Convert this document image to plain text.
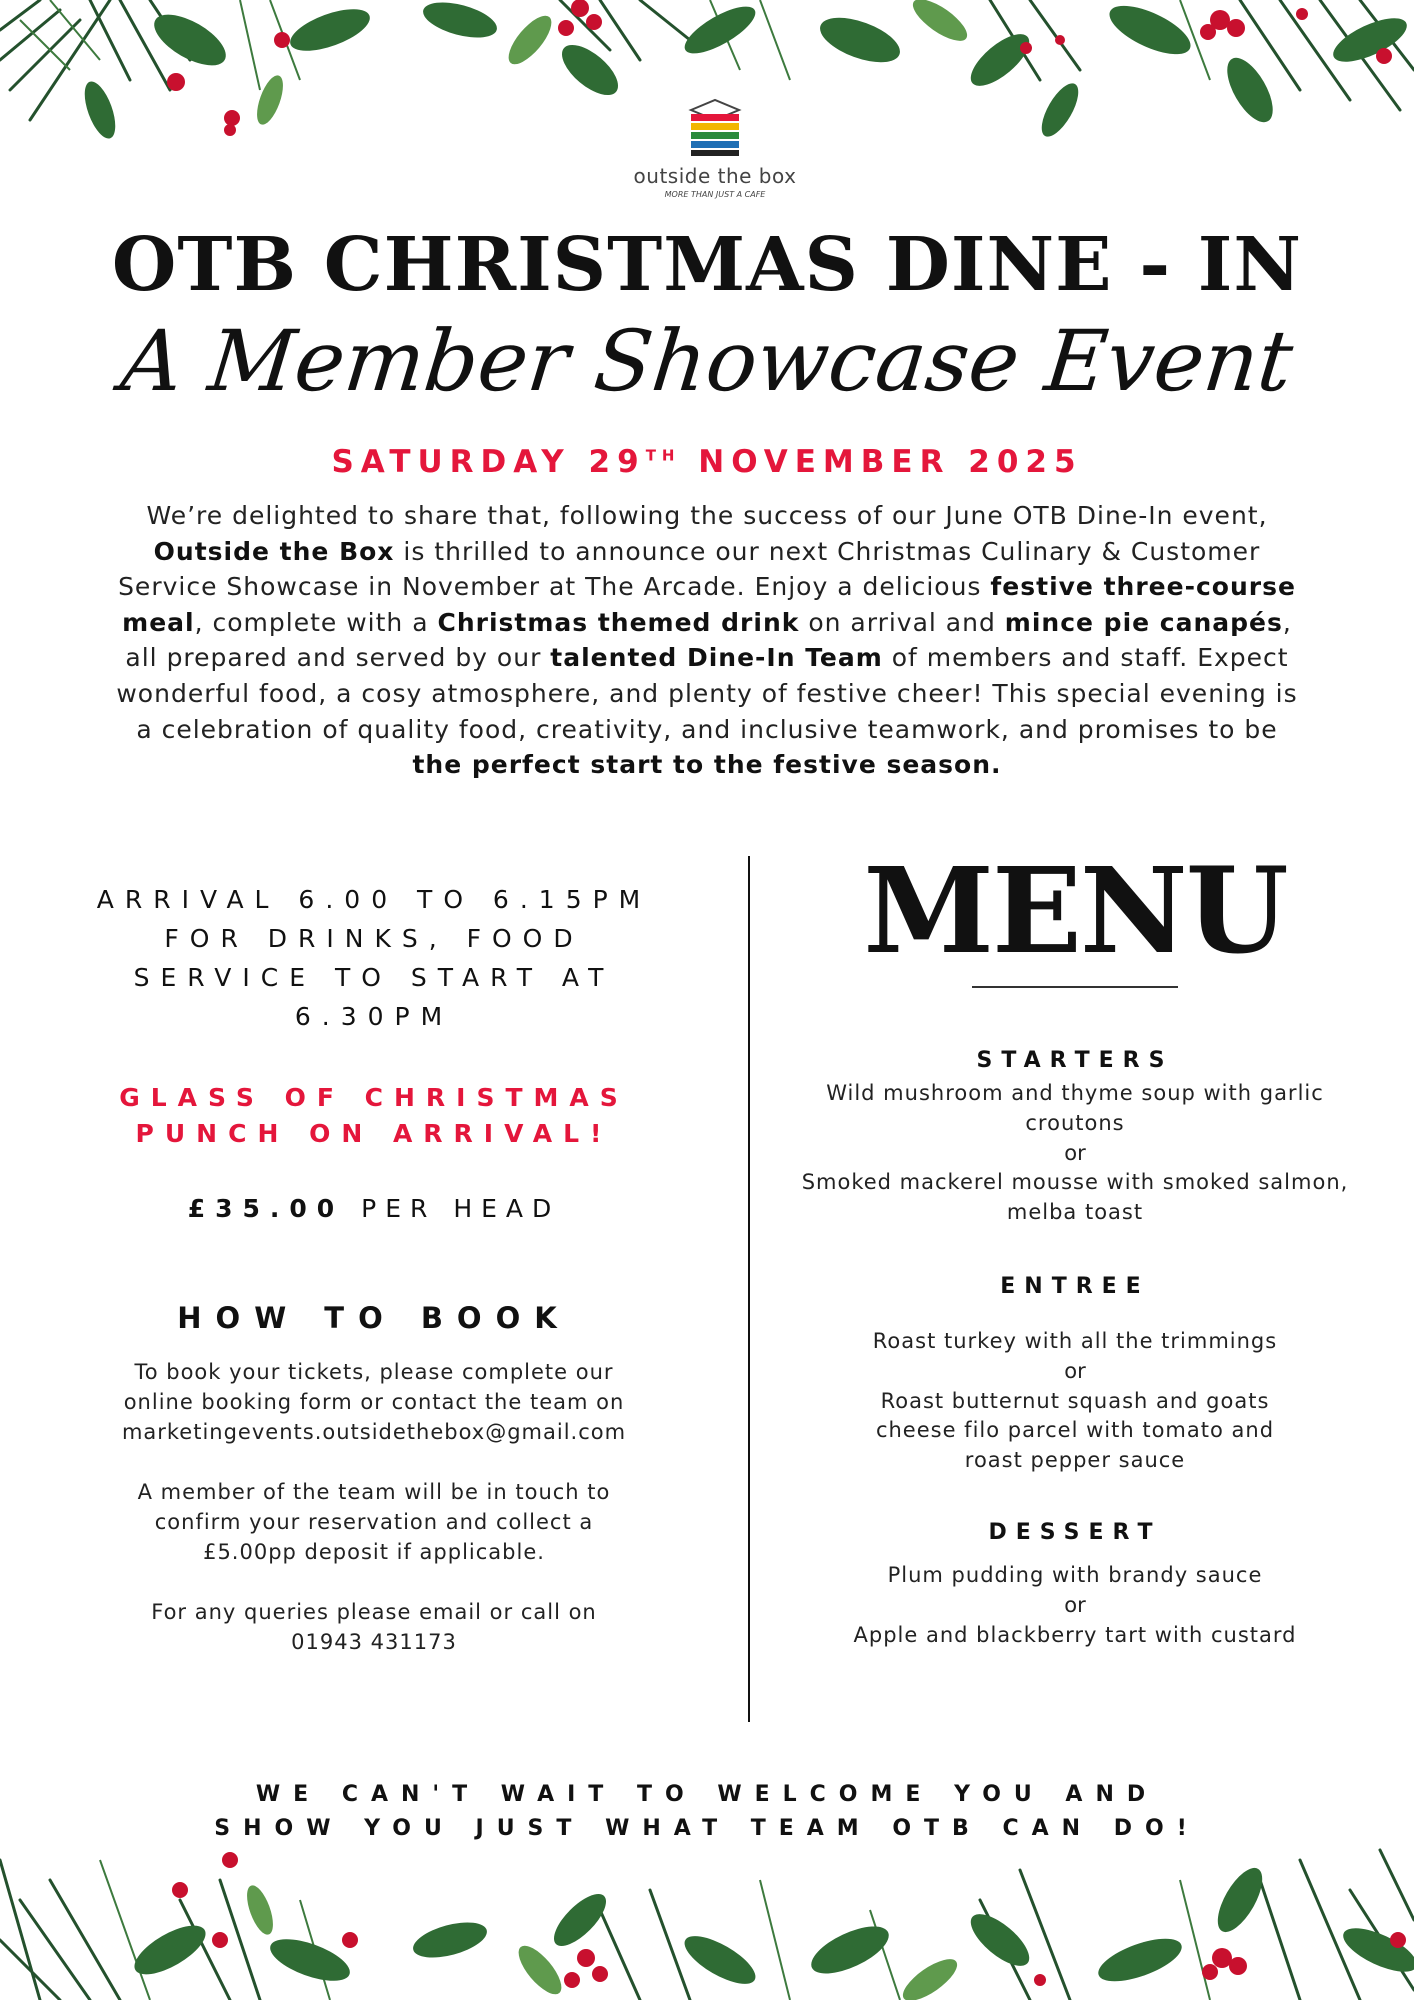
outside the box
MORE THAN JUST A CAFE
OTB CHRISTMAS DINE - IN
A Member Showcase Event
SATURDAY 29TH NOVEMBER 2025
We’re delighted to share that, following the success of our June OTB Dine-In event, Outside the Box is thrilled to announce our next Christmas Culinary & Customer Service Showcase in November at The Arcade. Enjoy a delicious festive three-course meal, complete with a Christmas themed drink on arrival and mince pie canapés, all prepared and served by our talented Dine-In Team of members and staff. Expect wonderful food, a cosy atmosphere, and plenty of festive cheer! This special evening is a celebration of quality food, creativity, and inclusive teamwork, and promises to be the perfect start to the festive season.
ARRIVAL 6.00 TO 6.15PM
FOR DRINKS, FOOD
SERVICE TO START AT
6.30PM
GLASS OF CHRISTMAS
PUNCH ON ARRIVAL!
£35.00 PER HEAD
HOW TO BOOK
To book your tickets, please complete our
online booking form or contact the team on
marketingevents.outsidethebox@gmail.com
A member of the team will be in touch to
confirm your reservation and collect a
£5.00pp deposit if applicable.
For any queries please email or call on
01943 431173
MENU
STARTERS
Wild mushroom and thyme soup with garlic
croutons
or
Smoked mackerel mousse with smoked salmon,
melba toast
ENTREE
Roast turkey with all the trimmings
or
Roast butternut squash and goats
cheese filo parcel with tomato and
roast pepper sauce
DESSERT
Plum pudding with brandy sauce
or
Apple and blackberry tart with custard
WE CAN'T WAIT TO WELCOME YOU AND
SHOW YOU JUST WHAT TEAM OTB CAN DO!
